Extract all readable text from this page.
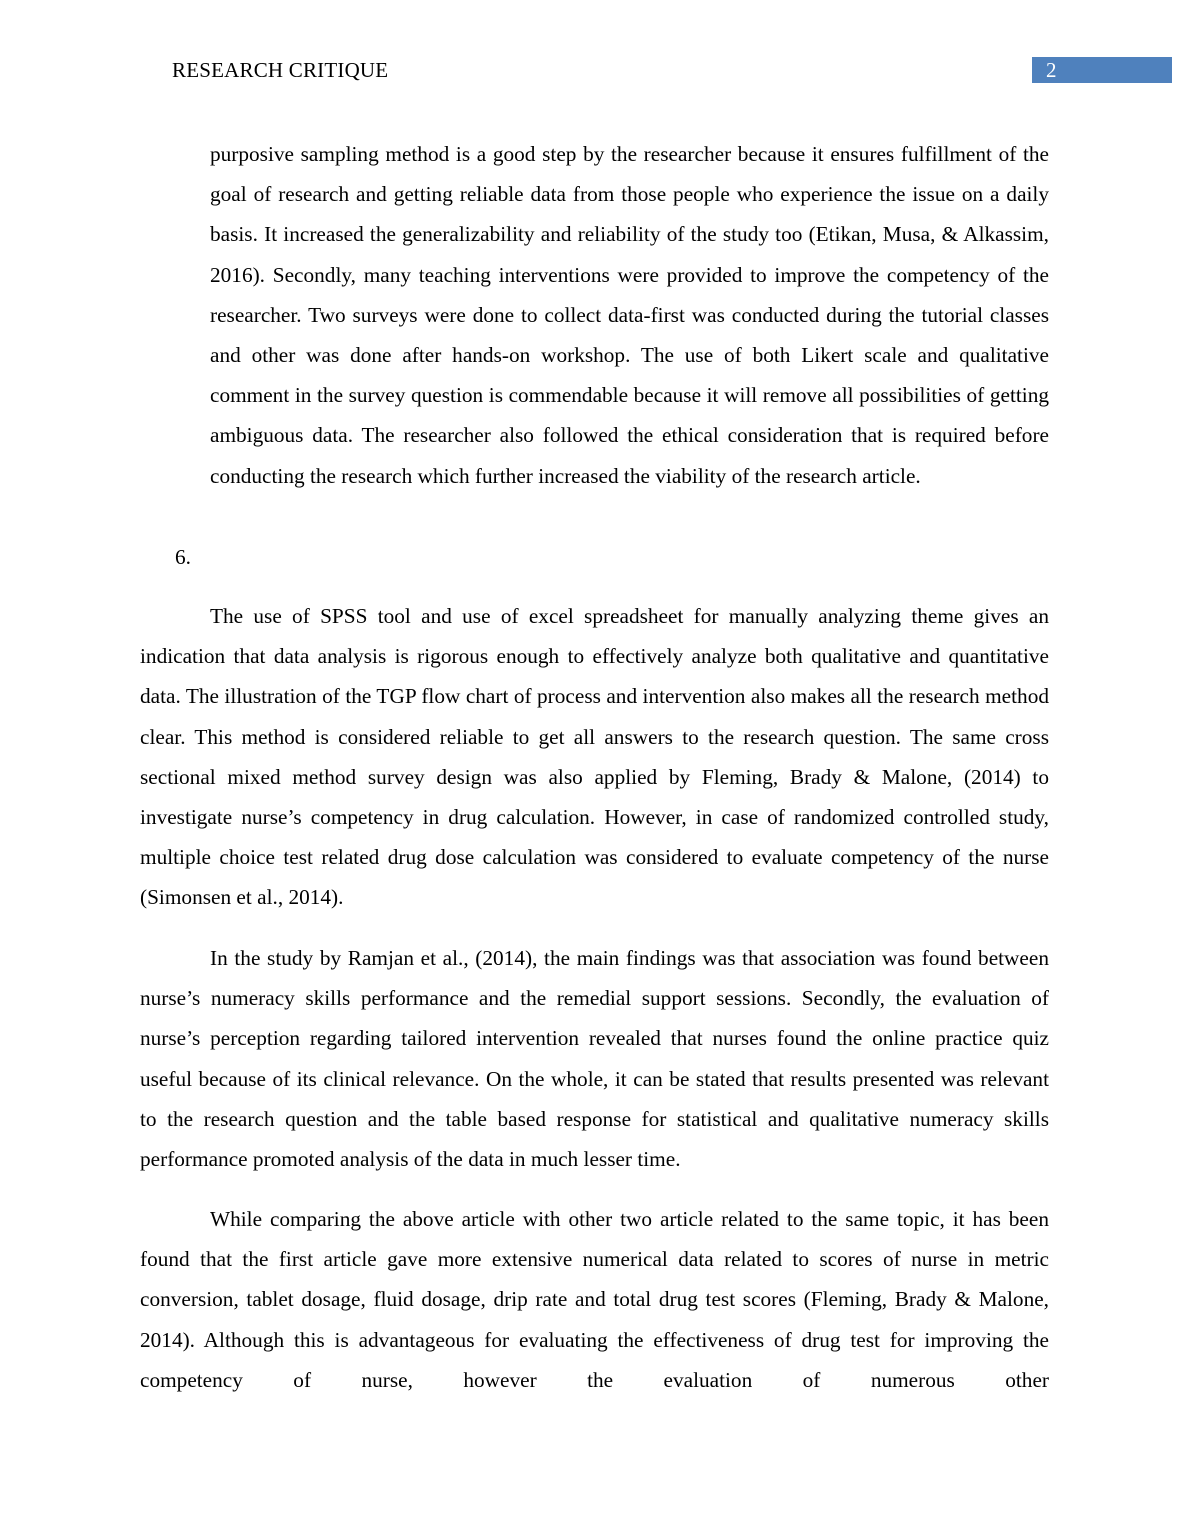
RESEARCH CRITIQUE	2

purposive sampling method is a good step by the researcher because it ensures fulfillment of the goal of research and getting reliable data from those people who experience the issue on a daily basis. It increased the generalizability and reliability of the study too (Etikan, Musa, & Alkassim, 2016). Secondly, many teaching interventions were provided to improve the competency of the researcher. Two surveys were done to collect data-first was conducted during the tutorial classes and other was done after hands-on workshop. The use of both Likert scale and qualitative comment in the survey question is commendable because it will remove all possibilities of getting ambiguous data. The researcher also followed the ethical consideration that is required before conducting the research which further increased the viability of the research article.

6.

The use of SPSS tool and use of excel spreadsheet for manually analyzing theme gives an indication that data analysis is rigorous enough to effectively analyze both qualitative and quantitative data. The illustration of the TGP flow chart of process and intervention also makes all the research method clear. This method is considered reliable to get all answers to the research question. The same cross sectional mixed method survey design was also applied by Fleming, Brady & Malone, (2014) to investigate nurse’s competency in drug calculation. However, in case of randomized controlled study, multiple choice test related drug dose calculation was considered to evaluate competency of the nurse (Simonsen et al., 2014).

In the study by Ramjan et al., (2014), the main findings was that association was found between nurse’s numeracy skills performance and the remedial support sessions. Secondly, the evaluation of nurse’s perception regarding tailored intervention revealed that nurses found the online practice quiz useful because of its clinical relevance. On the whole, it can be stated that results presented was relevant to the research question and the table based response for statistical and qualitative numeracy skills performance promoted analysis of the data in much lesser time.

While comparing the above article with other two article related to the same topic, it has been found that the first article gave more extensive numerical data related to scores of nurse in metric conversion, tablet dosage, fluid dosage, drip rate and total drug test scores (Fleming, Brady & Malone, 2014). Although this is advantageous for evaluating the effectiveness of drug test for improving the competency of nurse, however the evaluation of numerous other
